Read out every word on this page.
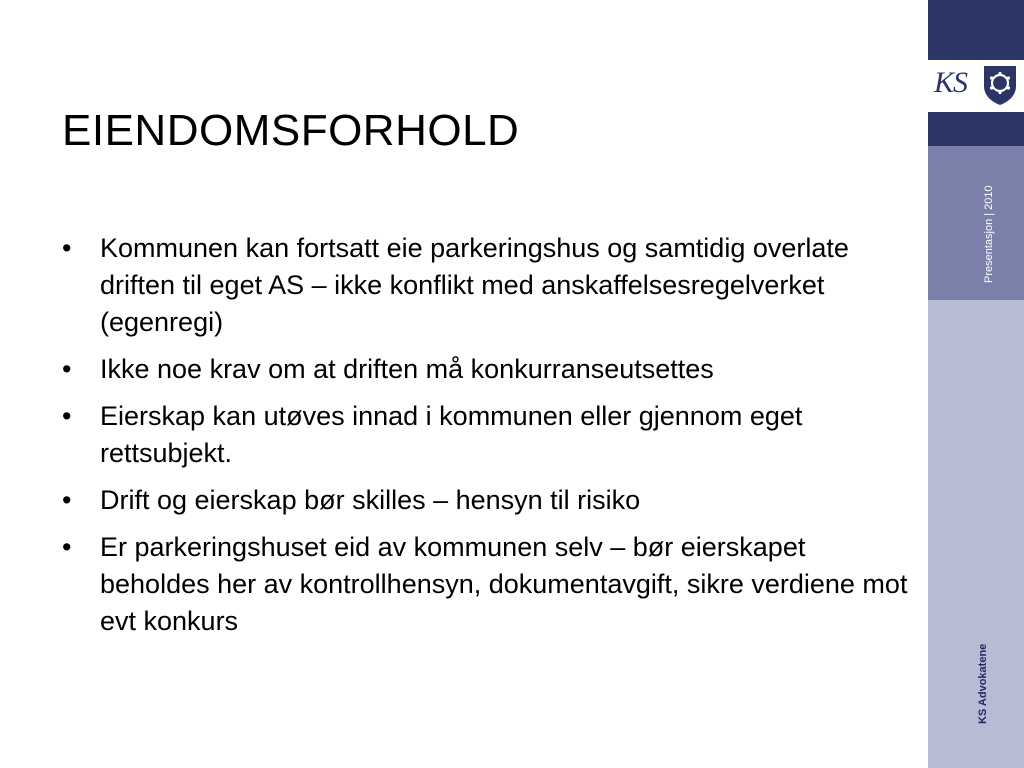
EIENDOMSFORHOLD
•	Kommunen kan fortsatt eie parkeringshus og samtidig overlate driften til eget AS – ikke konflikt med anskaffelsesregelverket (egenregi)
•	Ikke noe krav om at driften må konkurranseutsettes
•	Eierskap kan utøves innad i kommunen eller gjennom eget rettsubjekt.
•	Drift og eierskap bør skilles – hensyn til risiko
•	Er parkeringshuset eid av kommunen selv – bør eierskapet beholdes her av kontrollhensyn, dokumentavgift, sikre verdiene mot evt konkurs
KS
Presentasjon | 2010
KS Advokatene
